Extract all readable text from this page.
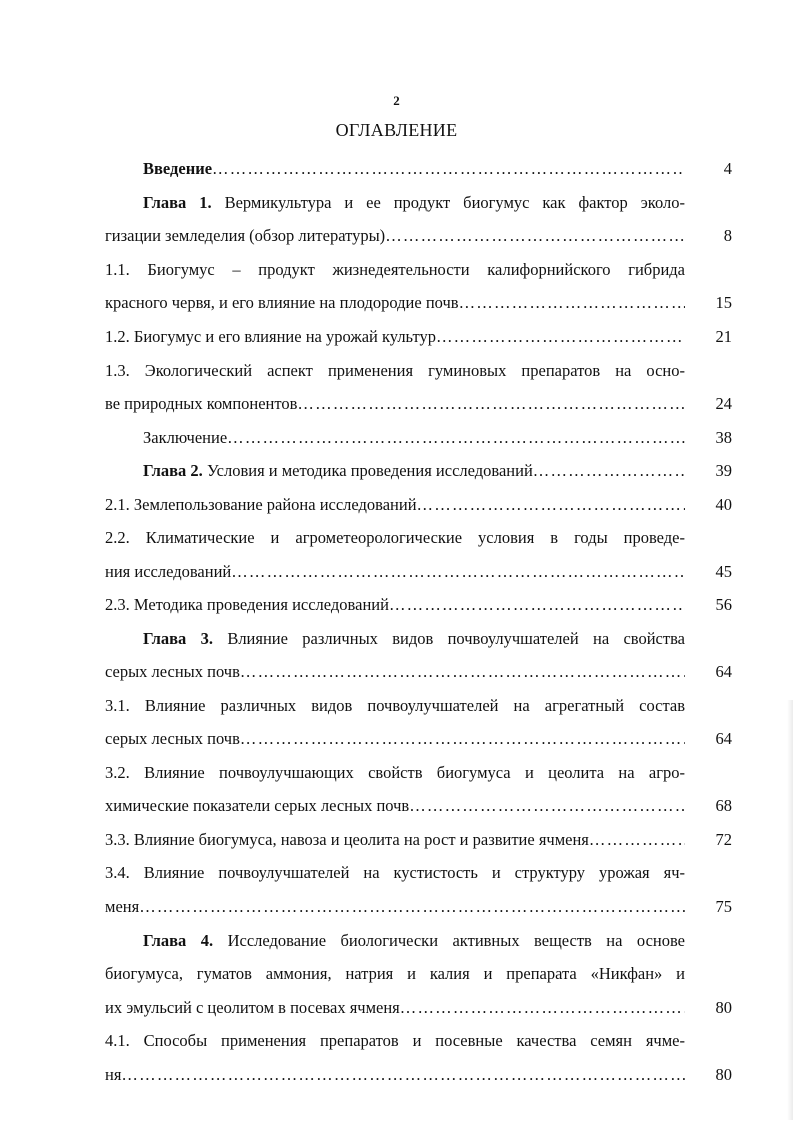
2
ОГЛАВЛЕНИЕ
Введение ………………………………………………………………………………………………………………………………………………………………………	4
Глава 1. Вермикультура и ее продукт биогумус как фактор эколо-
гизации земледелия (обзор литературы) ………………………………………………………………………………………………………………………………………………………………………	8
1.1. Биогумус – продукт жизнедеятельности калифорнийского гибрида
красного червя, и его влияние на плодородие почв ………………………………………………………………………………………………………………………………………………………………………	15
1.2. Биогумус и его влияние на урожай культур ………………………………………………………………………………………………………………………………………………………………………	21
1.3. Экологический аспект применения гуминовых препаратов на осно-
ве природных компонентов ………………………………………………………………………………………………………………………………………………………………………	24
Заключение ………………………………………………………………………………………………………………………………………………………………………	38
Глава 2. Условия и методика проведения исследований ………………………………………………………………………………………………………………………………………………………………………	39
2.1. Землепользование района исследований ………………………………………………………………………………………………………………………………………………………………………	40
2.2. Климатические и агрометеорологические условия в годы проведе-
ния исследований ………………………………………………………………………………………………………………………………………………………………………	45
2.3. Методика проведения исследований ………………………………………………………………………………………………………………………………………………………………………	56
Глава 3. Влияние различных видов почвоулучшателей на свойства
серых лесных почв ………………………………………………………………………………………………………………………………………………………………………	64
3.1. Влияние различных видов почвоулучшателей на агрегатный состав
серых лесных почв ………………………………………………………………………………………………………………………………………………………………………	64
3.2. Влияние почвоулучшающих свойств биогумуса и цеолита на агро-
химические показатели серых лесных почв ………………………………………………………………………………………………………………………………………………………………………	68
3.3. Влияние биогумуса, навоза и цеолита на рост и развитие ячменя ………………………………………………………………………………………………………………………………………………………………………	72
3.4. Влияние почвоулучшателей на кустистость и структуру урожая яч-
меня ………………………………………………………………………………………………………………………………………………………………………	75
Глава 4. Исследование биологически активных веществ на основе
биогумуса, гуматов аммония, натрия и калия и препарата «Никфан» и
их эмульсий с цеолитом в посевах ячменя ………………………………………………………………………………………………………………………………………………………………………	80
4.1. Способы применения препаратов и посевные качества семян ячме-
ня ………………………………………………………………………………………………………………………………………………………………………	80
